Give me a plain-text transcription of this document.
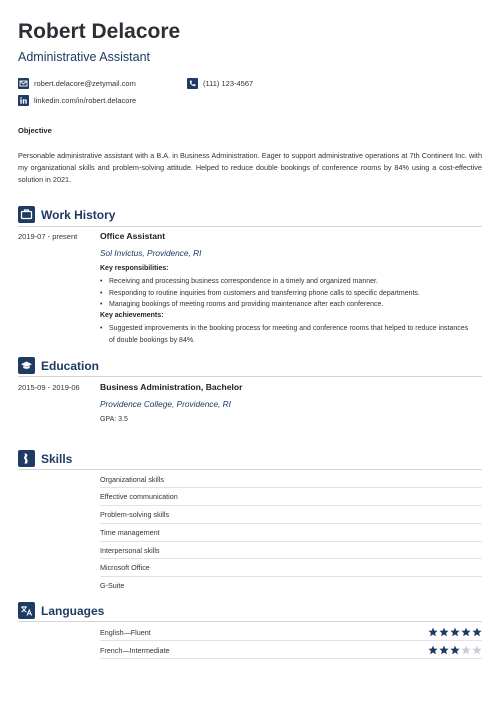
Robert Delacore
Administrative Assistant
robert.delacore@zetymail.com	(111) 123-4567
linkedin.com/in/robert.delacore
Objective
Personable administrative assistant with a B.A. in Business Administration. Eager to support administrative operations at 7th Continent Inc. with my organizational skills and problem-solving attitude. Helped to reduce double bookings of conference rooms by 84% using a cost-effective solution in 2021.
Work History
2019-07 - present	Office Assistant
Sol Invictus, Providence, RI
Key responsibilities:
• Receiving and processing business correspondence in a timely and organized manner.
• Responding to routine inquiries from customers and transferring phone calls to specific departments.
• Managing bookings of meeting rooms and providing maintenance after each conference.
Key achievements:
• Suggested improvements in the booking process for meeting and conference rooms that helped to reduce instances of double bookings by 84%.
Education
2015-09 - 2019-06 Business Administration, Bachelor
Providence College, Providence, RI
GPA: 3.5
Skills
Organizational skills
Effective communication
Problem-solving skills
Time management
Interpersonal skills
Microsoft Office
G-Suite
Languages
English—Fluent
French—Intermediate
